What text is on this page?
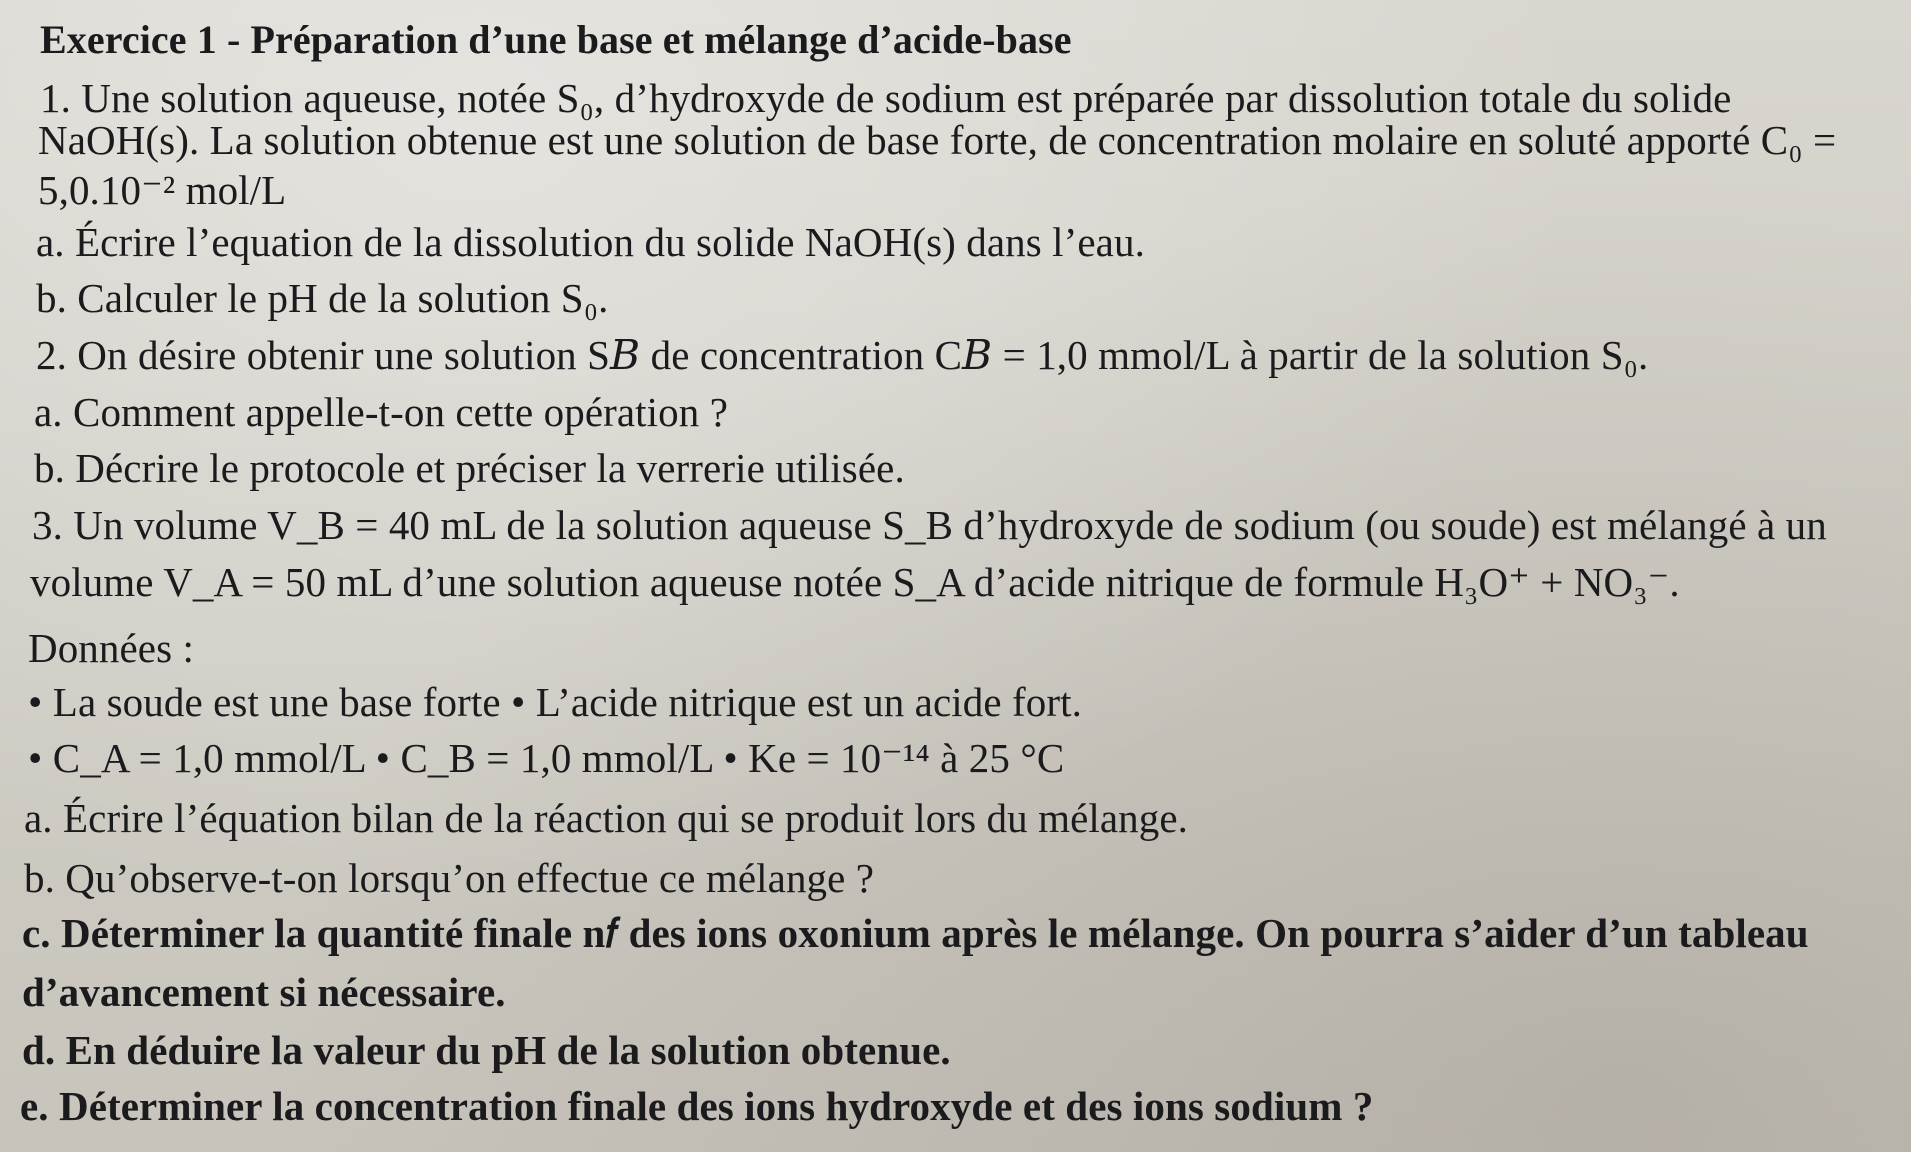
Exercice 1 - Préparation d’une base et mélange d’acide-base
1. Une solution aqueuse, notée S₀, d’hydroxyde de sodium est préparée par dissolution totale du solide
NaOH(s). La solution obtenue est une solution de base forte, de concentration molaire en soluté apporté C₀ =
5,0.10⁻² mol/L
a. Écrire l’equation de la dissolution du solide NaOH(s) dans l’eau.
b. Calculer le pH de la solution S₀.
2. On désire obtenir une solution S𝐵 de concentration C𝐵 = 1,0 mmol/L à partir de la solution S₀.
a. Comment appelle-t-on cette opération ?
b. Décrire le protocole et préciser la verrerie utilisée.
3. Un volume V_B = 40 mL de la solution aqueuse S_B d’hydroxyde de sodium (ou soude) est mélangé à un
volume V_A = 50 mL d’une solution aqueuse notée S_A d’acide nitrique de formule H₃O⁺ + NO₃⁻.
Données :
• La soude est une base forte • L’acide nitrique est un acide fort.
• C_A = 1,0 mmol/L • C_B = 1,0 mmol/L • Ke = 10⁻¹⁴ à 25 °C
a. Écrire l’équation bilan de la réaction qui se produit lors du mélange.
b. Qu’observe-t-on lorsqu’on effectue ce mélange ?
c. Déterminer la quantité finale n𝑓 des ions oxonium après le mélange. On pourra s’aider d’un tableau
d’avancement si nécessaire.
d. En déduire la valeur du pH de la solution obtenue.
e. Déterminer la concentration finale des ions hydroxyde et des ions sodium ?
